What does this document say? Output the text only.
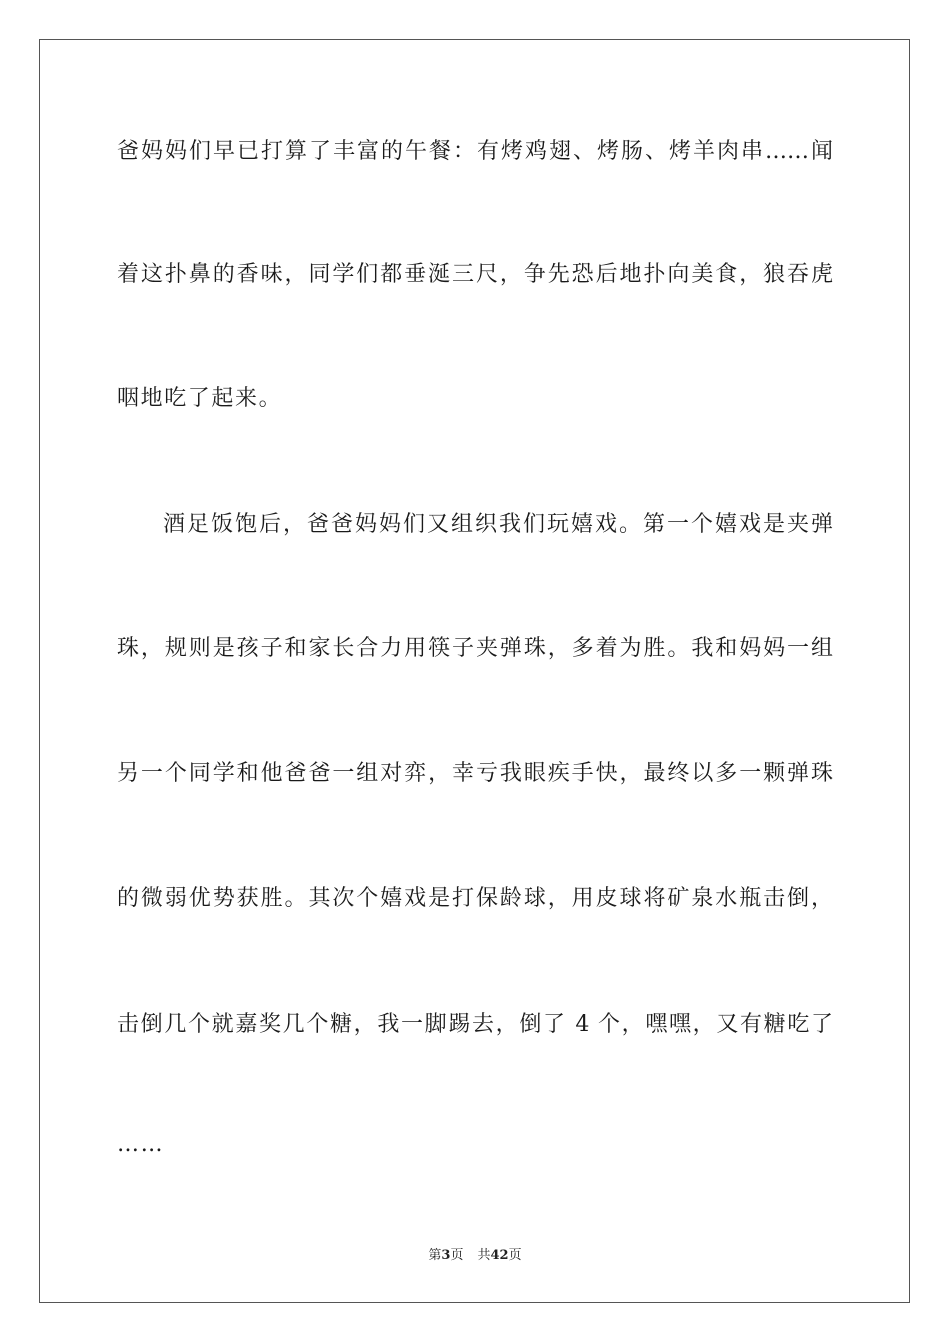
爸妈妈们早已打算了丰富的午餐：有烤鸡翅、烤肠、烤羊肉串……闻
着这扑鼻的香味，同学们都垂涎三尺，争先恐后地扑向美食，狼吞虎
咽地吃了起来。
酒足饭饱后，爸爸妈妈们又组织我们玩嬉戏。第一个嬉戏是夹弹
珠，规则是孩子和家长合力用筷子夹弹珠，多着为胜。我和妈妈一组
另一个同学和他爸爸一组对弈，幸亏我眼疾手快，最终以多一颗弹珠
的微弱优势获胜。其次个嬉戏是打保龄球，用皮球将矿泉水瓶击倒，
击倒几个就嘉奖几个糖，我一脚踢去，倒了 4 个，嘿嘿，又有糖吃了
……
第3页 共42页
